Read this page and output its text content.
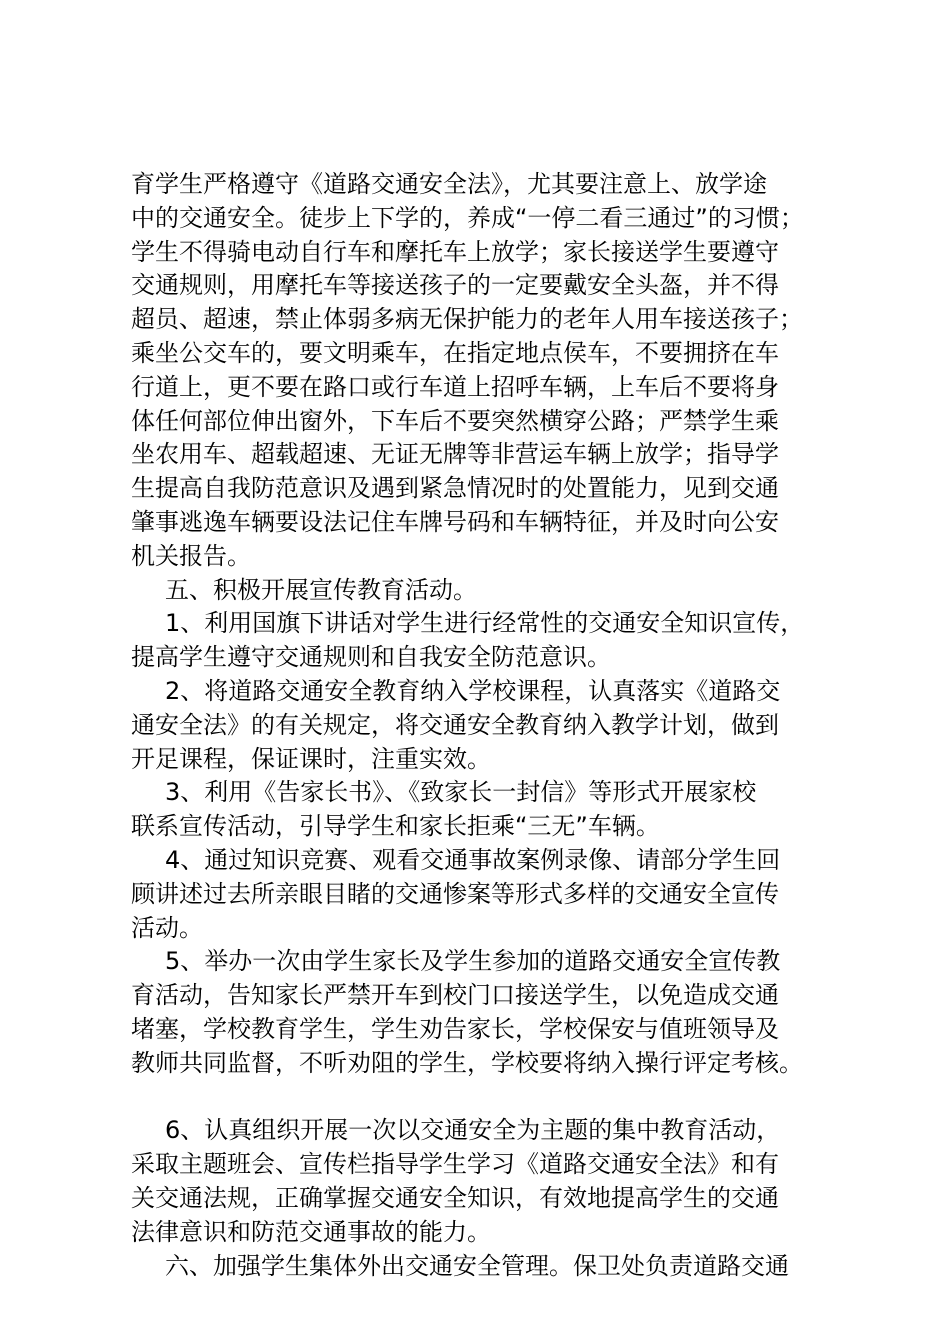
育学生严格遵守《道路交通安全法》，尤其要注意上、放学途
中的交通安全。徒步上下学的，养成“一停二看三通过”的习惯；
学生不得骑电动自行车和摩托车上放学；家长接送学生要遵守
交通规则，用摩托车等接送孩子的一定要戴安全头盔，并不得
超员、超速，禁止体弱多病无保护能力的老年人用车接送孩子；
乘坐公交车的，要文明乘车，在指定地点侯车，不要拥挤在车
行道上，更不要在路口或行车道上招呼车辆，上车后不要将身
体任何部位伸出窗外，下车后不要突然横穿公路；严禁学生乘
坐农用车、超载超速、无证无牌等非营运车辆上放学；指导学
生提高自我防范意识及遇到紧急情况时的处置能力，见到交通
肇事逃逸车辆要设法记住车牌号码和车辆特征，并及时向公安
机关报告。
五、积极开展宣传教育活动。
1、利用国旗下讲话对学生进行经常性的交通安全知识宣传，
提高学生遵守交通规则和自我安全防范意识。
2、将道路交通安全教育纳入学校课程，认真落实《道路交
通安全法》的有关规定，将交通安全教育纳入教学计划，做到
开足课程，保证课时，注重实效。
3、利用《告家长书》、《致家长一封信》等形式开展家校
联系宣传活动，引导学生和家长拒乘“三无”车辆。
4、通过知识竞赛、观看交通事故案例录像、请部分学生回
顾讲述过去所亲眼目睹的交通惨案等形式多样的交通安全宣传
活动。
5、举办一次由学生家长及学生参加的道路交通安全宣传教
育活动，告知家长严禁开车到校门口接送学生，以免造成交通
堵塞，学校教育学生，学生劝告家长，学校保安与值班领导及
教师共同监督，不听劝阻的学生，学校要将纳入操行评定考核。
6、认真组织开展一次以交通安全为主题的集中教育活动，
采取主题班会、宣传栏指导学生学习《道路交通安全法》和有
关交通法规，正确掌握交通安全知识，有效地提高学生的交通
法律意识和防范交通事故的能力。
六、加强学生集体外出交通安全管理。保卫处负责道路交通
